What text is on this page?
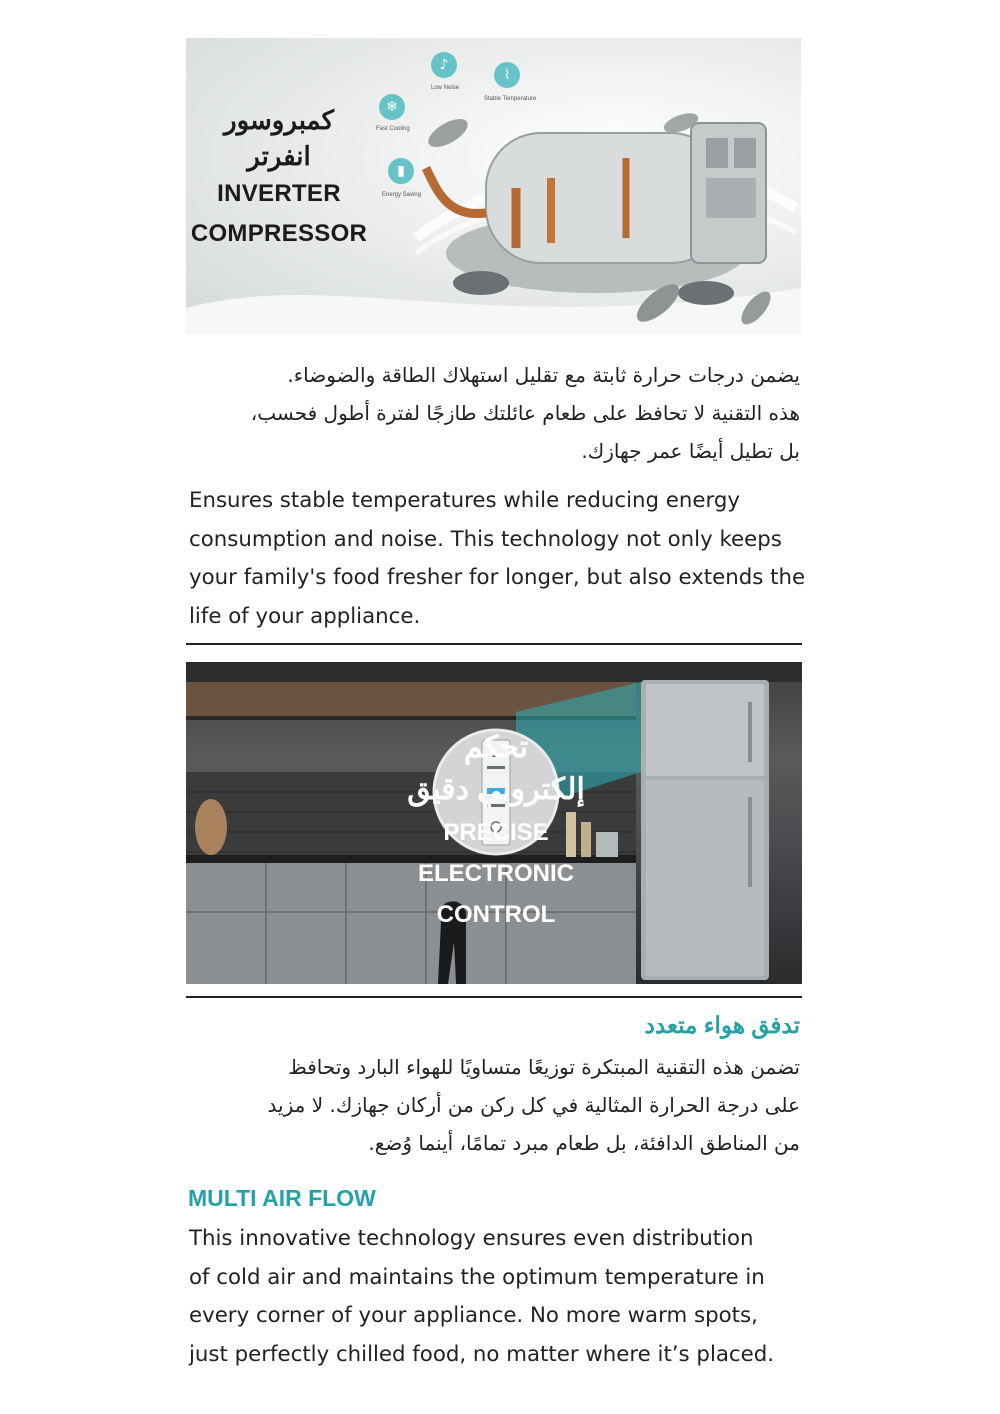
❄
Fast Cooling
♪
Low Noise
⌇
Stable Temperature
▮
Energy Saving
كمبروسور
انفرتر
INVERTER
COMPRESSOR
يضمن درجات حرارة ثابتة مع تقليل استهلاك الطاقة والضوضاء.
هذه التقنية لا تحافظ على طعام عائلتك طازجًا لفترة أطول فحسب،
بل تطيل أيضًا عمر جهازك.
Ensures stable temperatures while reducing energy
consumption and noise. This technology not only keeps
your family's food fresher for longer, but also extends the
life of your appliance.
تحكم
إلكتروني دقيق
PRECISE
ELECTRONIC
CONTROL
تدفق هواء متعدد
تضمن هذه التقنية المبتكرة توزيعًا متساويًا للهواء البارد وتحافظ
على درجة الحرارة المثالية في كل ركن من أركان جهازك. لا مزيد
من المناطق الدافئة، بل طعام مبرد تمامًا، أينما وُضع.
MULTI AIR FLOW
This innovative technology ensures even distribution
of cold air and maintains the optimum temperature in
every corner of your appliance. No more warm spots,
just perfectly chilled food, no matter where it’s placed.
